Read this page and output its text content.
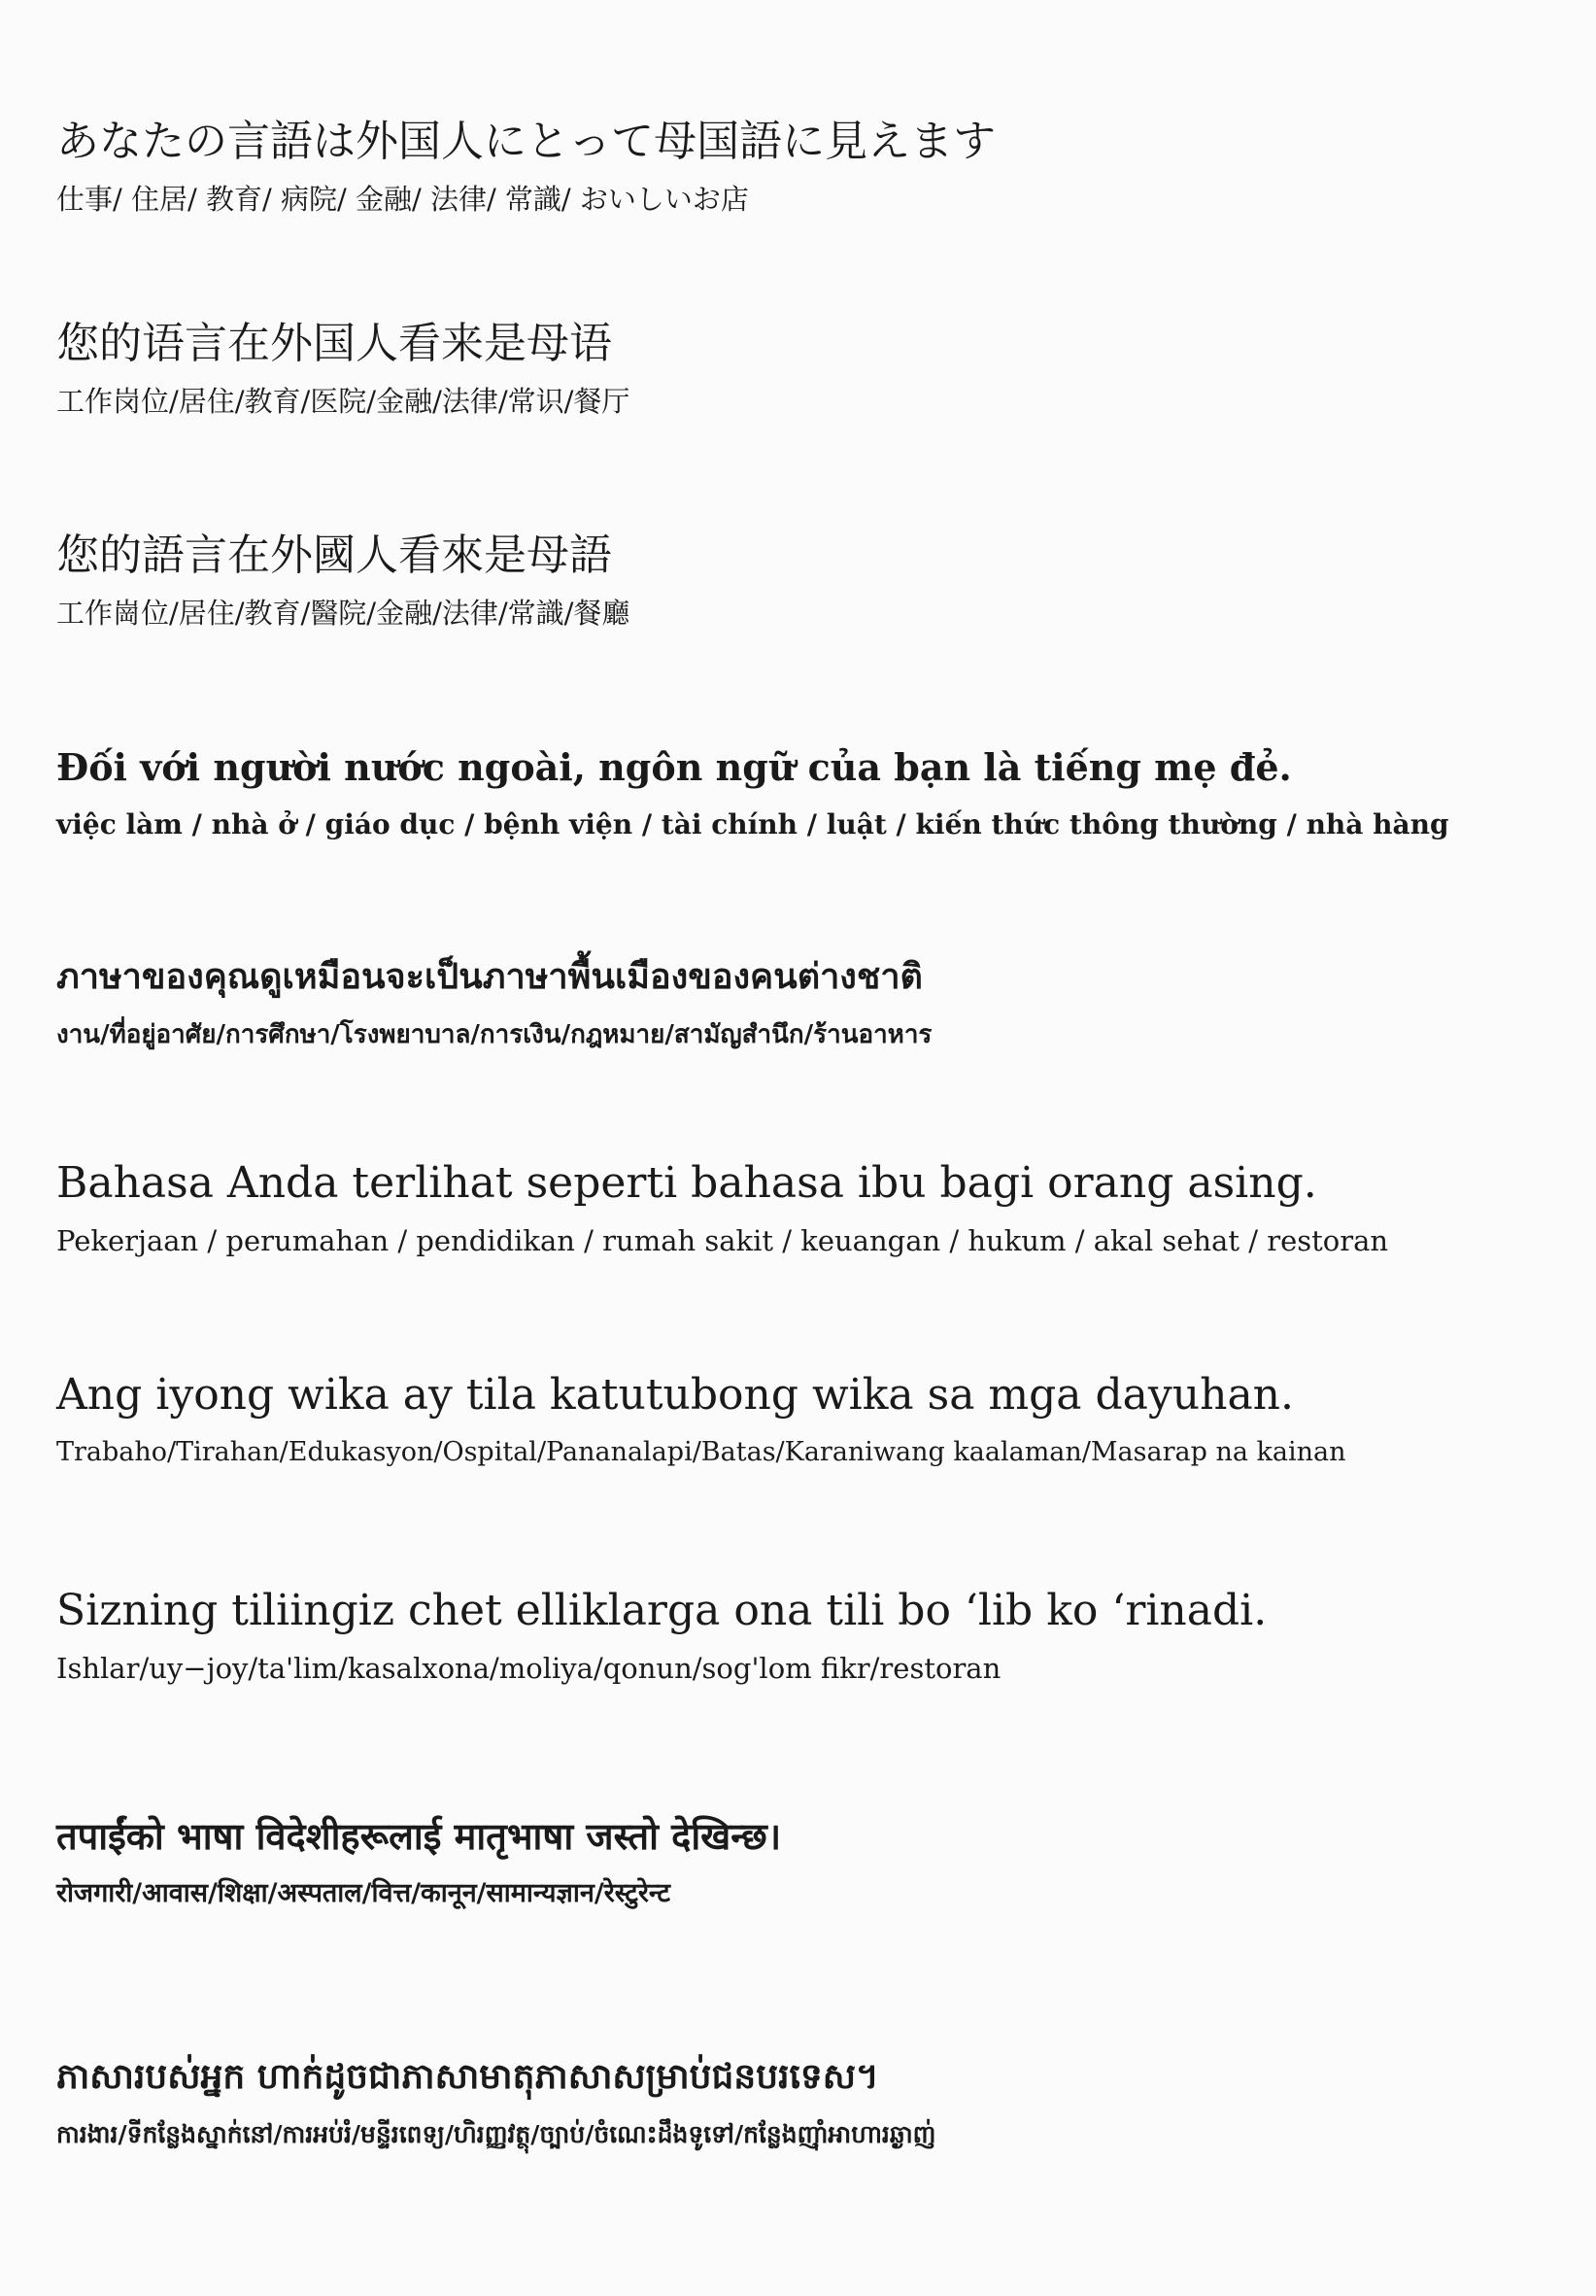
あなたの言語は外国人にとって母国語に見えます

仕事/ 住居/ 教育/ 病院/ 金融/ 法律/ 常識/ おいしいお店

您的语言在外国人看来是母语

工作岗位/居住/教育/医院/金融/法律/常识/餐厅

您的語言在外國人看來是母語

工作崗位/居住/教育/醫院/金融/法律/常識/餐廳

Đối với người nước ngoài, ngôn ngữ của bạn là tiếng mẹ đẻ.

việc làm / nhà ở / giáo dục / bệnh viện / tài chính / luật / kiến thức thông thường / nhà hàng

ภาษาของคุณดูเหมือนจะเป็นภาษาพื้นเมืองของคนต่างชาติ

งาน/ที่อยู่อาศัย/การศึกษา/โรงพยาบาล/การเงิน/กฎหมาย/สามัญสำนึก/ร้านอาหาร

Bahasa Anda terlihat seperti bahasa ibu bagi orang asing.

Pekerjaan / perumahan / pendidikan / rumah sakit / keuangan / hukum / akal sehat / restoran

Ang iyong wika ay tila katutubong wika sa mga dayuhan.

Trabaho/Tirahan/Edukasyon/Ospital/Pananalapi/Batas/Karaniwang kaalaman/Masarap na kainan

Sizning tiliingiz chet elliklarga ona tili bo ‘lib ko ‘rinadi.

Ishlar/uy−joy/ta'lim/kasalxona/moliya/qonun/sog'lom fikr/restoran

तपाईंको भाषा विदेशीहरूलाई मातृभाषा जस्तो देखिन्छ।

रोजगारी/आवास/शिक्षा/अस्पताल/वित्त/कानून/सामान्यज्ञान/रेस्टुरेन्ट

ភាសារបស់អ្នក ហាក់ដូចជាភាសាមាតុភាសាសម្រាប់ជនបរទេស។

ការងារ/ទីកន្លែងស្នាក់នៅ/ការអប់រំ/មន្ទីរពេទ្យ/ហិរញ្ញវត្ថុ/ច្បាប់/ចំណេះដឹងទូទៅ/កន្លែងញ៉ាំអាហារឆ្ងាញ់
